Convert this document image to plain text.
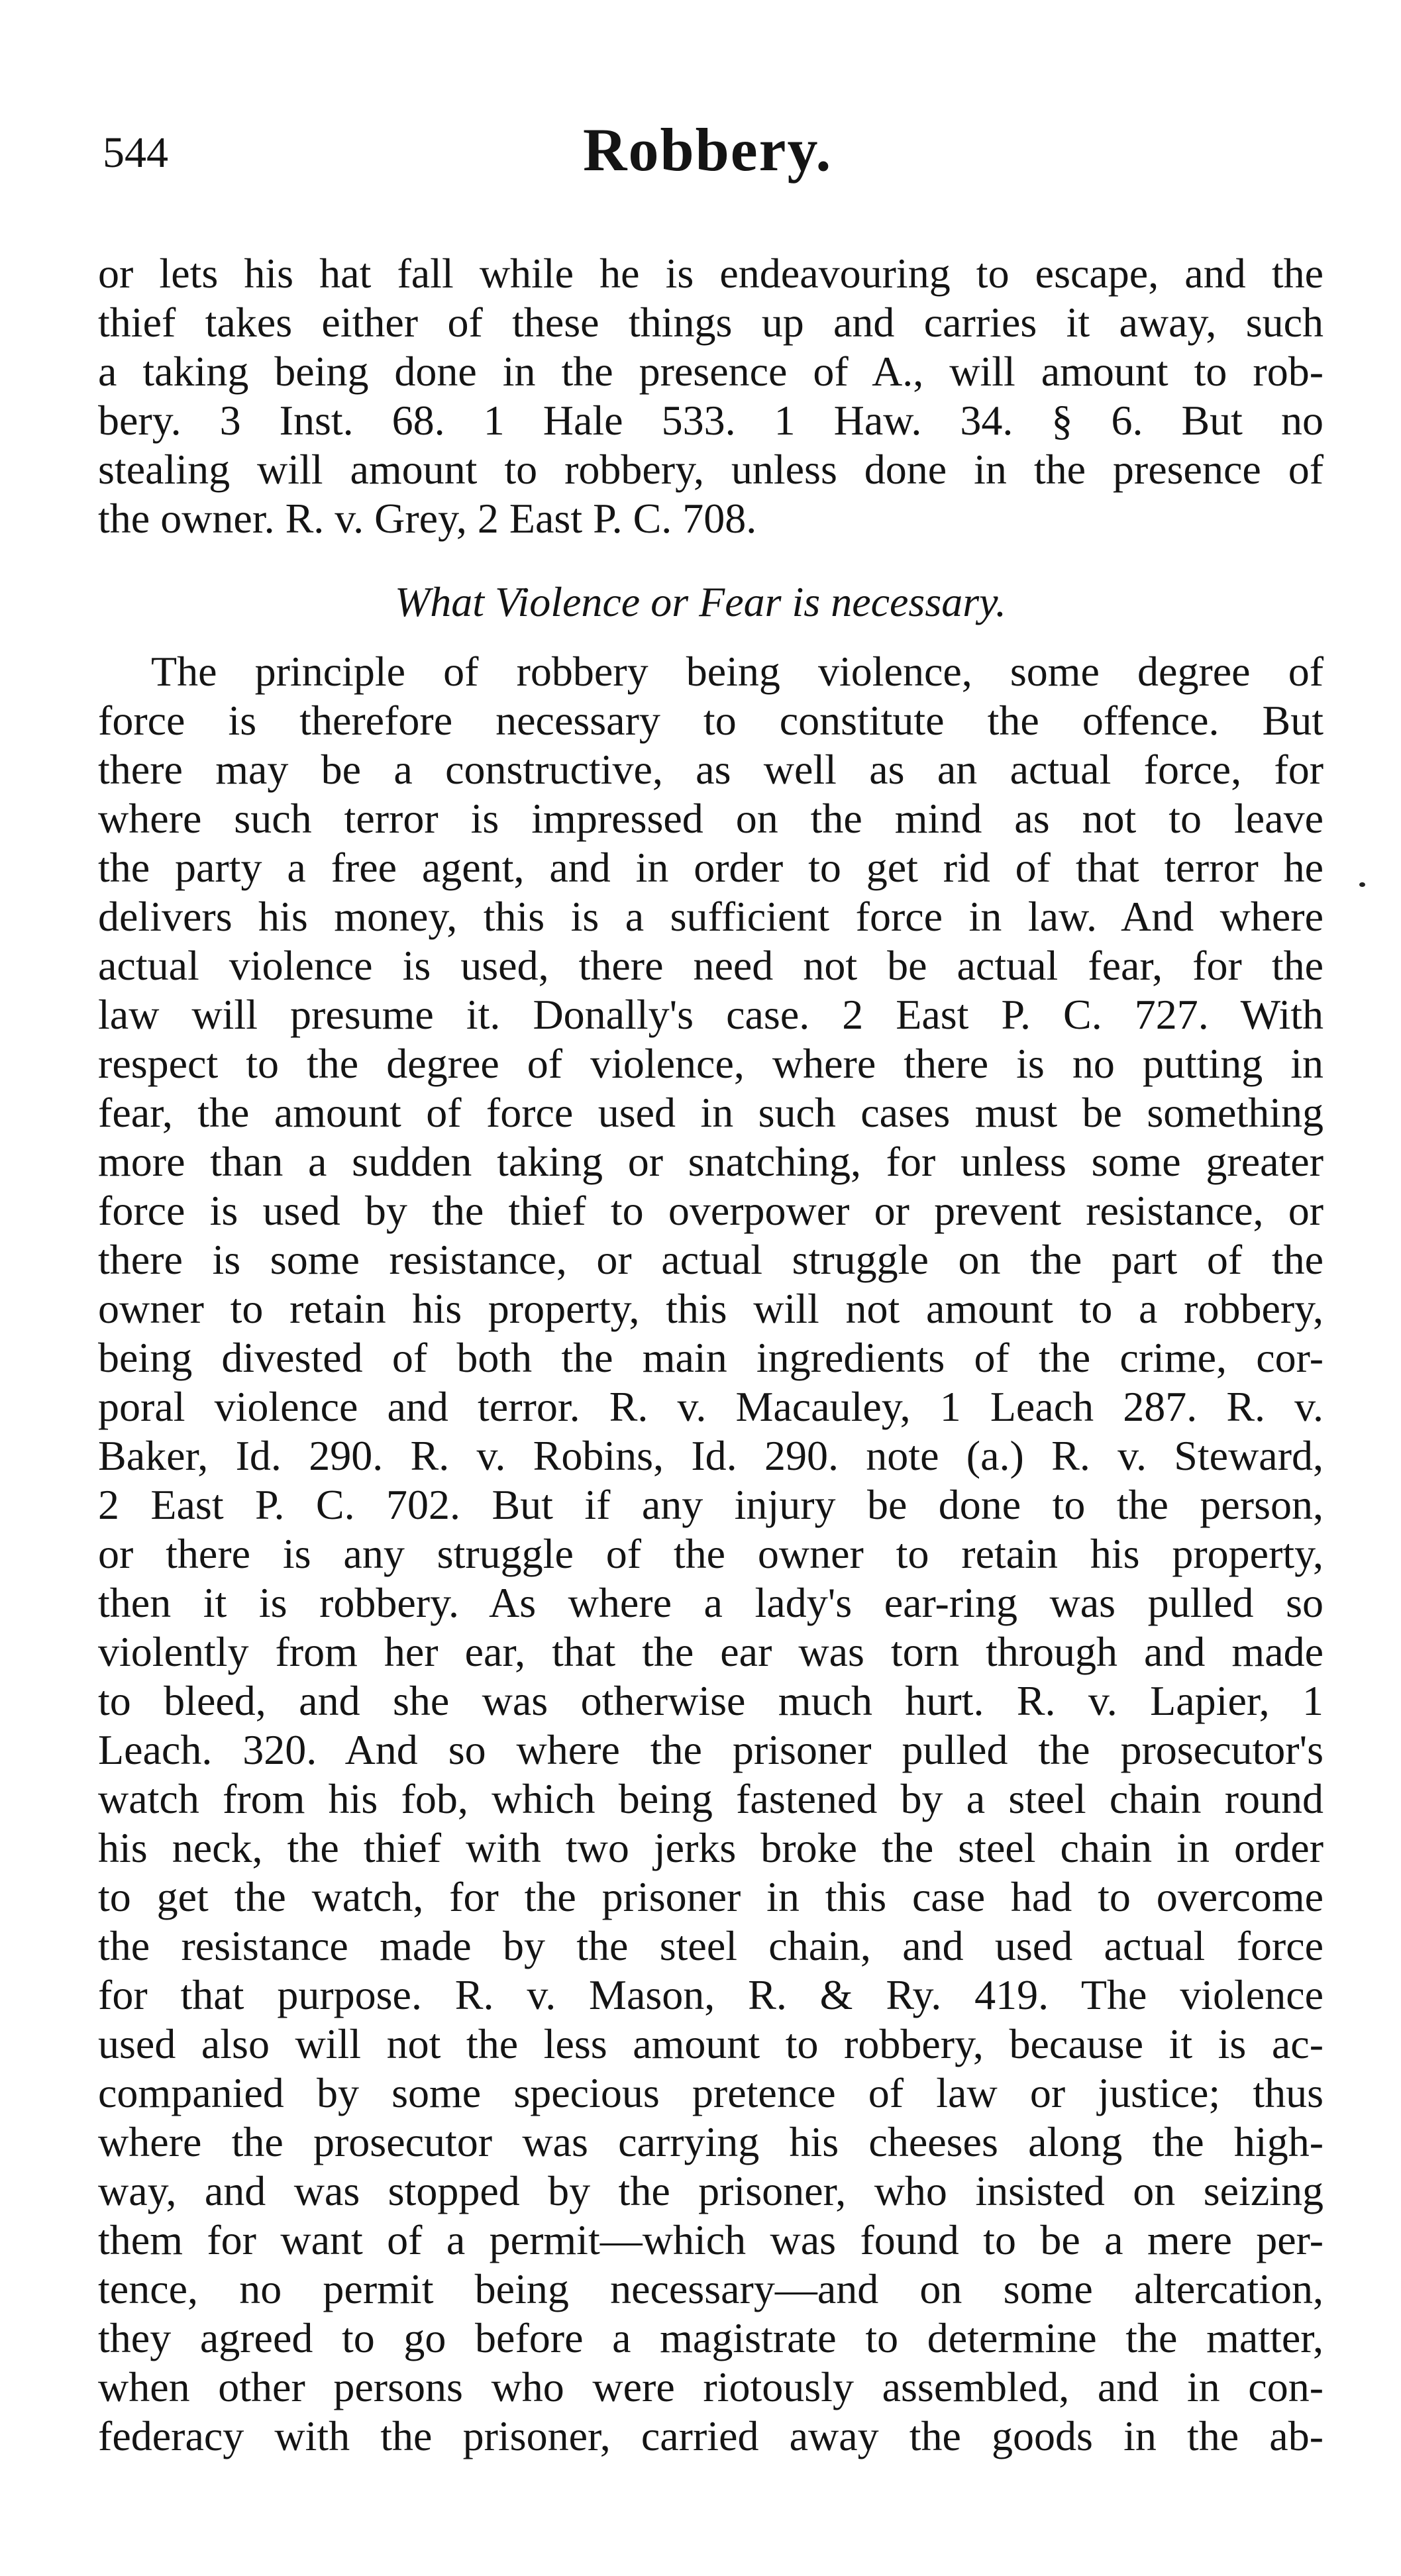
544	Robbery.
or lets his hat fall while he is endeavouring to escape, and the
thief takes either of these things up and carries it away, such
a taking being done in the presence of A., will amount to rob-
bery. 3 Inst. 68. 1 Hale 533. 1 Haw. 34. § 6. But no
stealing will amount to robbery, unless done in the presence of
the owner. R. v. Grey, 2 East P. C. 708.
What Violence or Fear is necessary.
The principle of robbery being violence, some degree of
force is therefore necessary to constitute the offence. But
there may be a constructive, as well as an actual force, for
where such terror is impressed on the mind as not to leave
the party a free agent, and in order to get rid of that terror he
delivers his money, this is a sufficient force in law. And where
actual violence is used, there need not be actual fear, for the
law will presume it. Donally's case. 2 East P. C. 727. With
respect to the degree of violence, where there is no putting in
fear, the amount of force used in such cases must be something
more than a sudden taking or snatching, for unless some greater
force is used by the thief to overpower or prevent resistance, or
there is some resistance, or actual struggle on the part of the
owner to retain his property, this will not amount to a robbery,
being divested of both the main ingredients of the crime, cor-
poral violence and terror. R. v. Macauley, 1 Leach 287. R. v.
Baker, Id. 290. R. v. Robins, Id. 290. note (a.) R. v. Steward,
2 East P. C. 702. But if any injury be done to the person,
or there is any struggle of the owner to retain his property,
then it is robbery. As where a lady's ear-ring was pulled so
violently from her ear, that the ear was torn through and made
to bleed, and she was otherwise much hurt. R. v. Lapier, 1
Leach. 320. And so where the prisoner pulled the prosecutor's
watch from his fob, which being fastened by a steel chain round
his neck, the thief with two jerks broke the steel chain in order
to get the watch, for the prisoner in this case had to overcome
the resistance made by the steel chain, and used actual force
for that purpose. R. v. Mason, R. & Ry. 419. The violence
used also will not the less amount to robbery, because it is ac-
companied by some specious pretence of law or justice; thus
where the prosecutor was carrying his cheeses along the high-
way, and was stopped by the prisoner, who insisted on seizing
them for want of a permit—which was found to be a mere per-
tence, no permit being necessary—and on some altercation,
they agreed to go before a magistrate to determine the matter,
when other persons who were riotously assembled, and in con-
federacy with the prisoner, carried away the goods in the ab-
